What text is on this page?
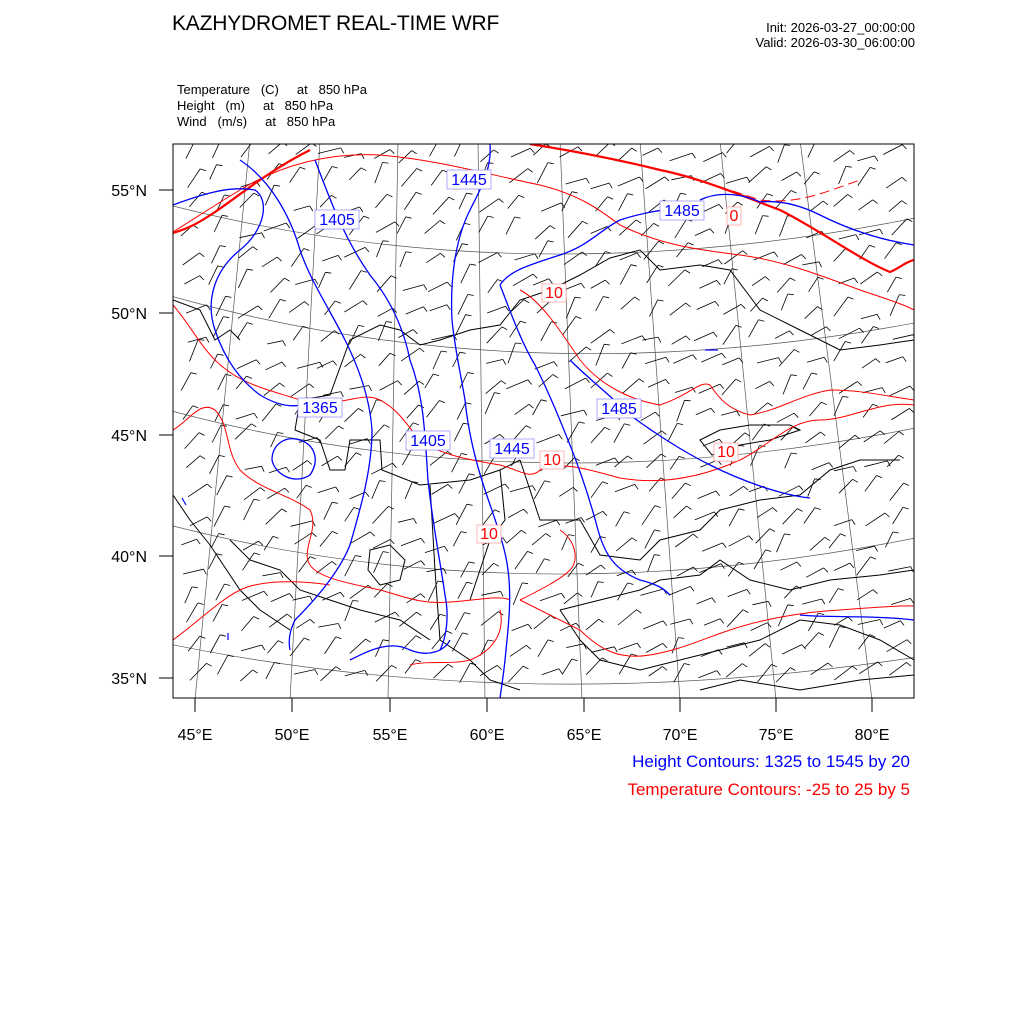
KAZHYDROMET REAL-TIME WRF	Init: 2026-03-27_00:00:00
Valid: 2026-03-30_06:00:00
Temperature   (C)     at   850 hPa
Height   (m)     at   850 hPa
Wind   (m/s)     at   850 hPa
55°N
50°N
45°N
40°N
35°N
45°E	50°E	55°E	60°E	65°E	70°E	75°E	80°E
1445
1405
1485
1365
1405	1445
1485
0
10
10	10
10
Height Contours: 1325 to 1545 by 20
Temperature Contours: -25 to 25 by 5
